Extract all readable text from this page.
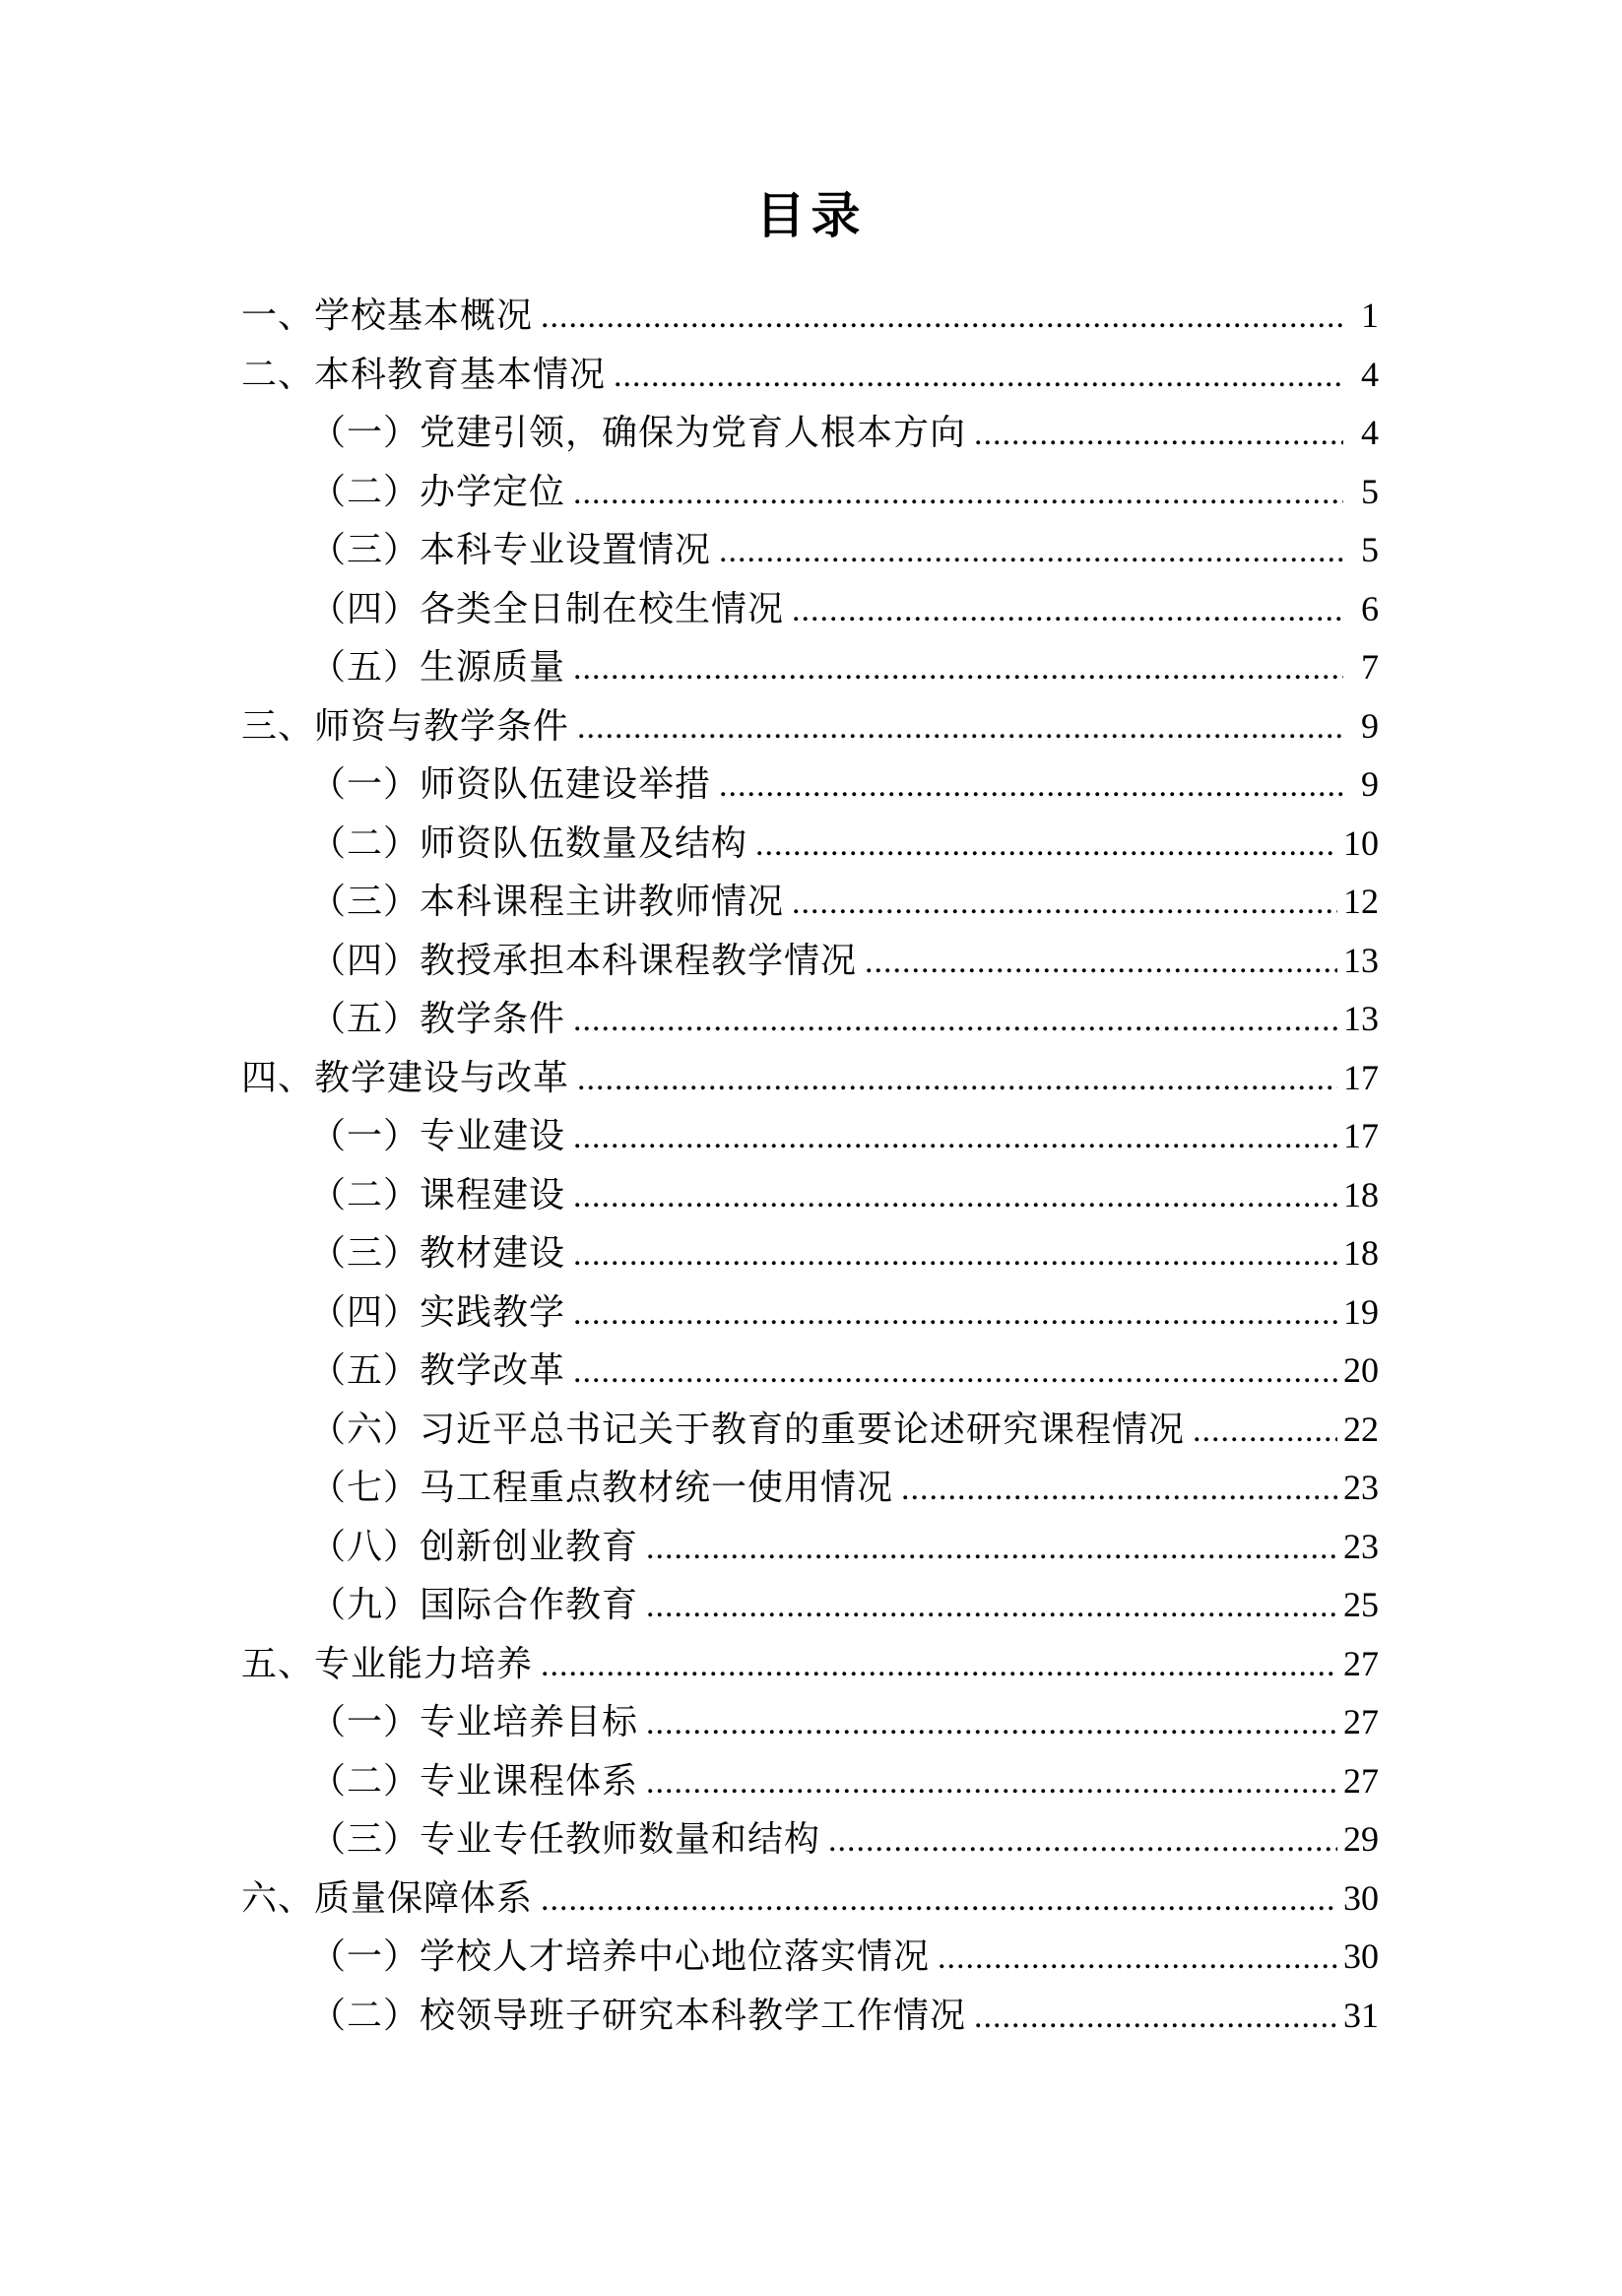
目录
一、学校基本概况 .....	1
二、本科教育基本情况 .....	4
（一）党建引领，确保为党育人根本方向 .....	4
（二）办学定位 .....	5
（三）本科专业设置情况 .....	5
（四）各类全日制在校生情况 .....	6
（五）生源质量 .....	7
三、师资与教学条件 .....	9
（一）师资队伍建设举措 .....	9
（二）师资队伍数量及结构 .....	10
（三）本科课程主讲教师情况 .....	12
（四）教授承担本科课程教学情况 .....	13
（五）教学条件 .....	13
四、教学建设与改革 .....	17
（一）专业建设 .....	17
（二）课程建设 .....	18
（三）教材建设 .....	18
（四）实践教学 .....	19
（五）教学改革 .....	20
（六）习近平总书记关于教育的重要论述研究课程情况 .....	22
（七）马工程重点教材统一使用情况 .....	23
（八）创新创业教育 .....	23
（九）国际合作教育 .....	25
五、专业能力培养 .....	27
（一）专业培养目标 .....	27
（二）专业课程体系 .....	27
（三）专业专任教师数量和结构 .....	29
六、质量保障体系 .....	30
（一）学校人才培养中心地位落实情况 .....	30
（二）校领导班子研究本科教学工作情况 .....	31
